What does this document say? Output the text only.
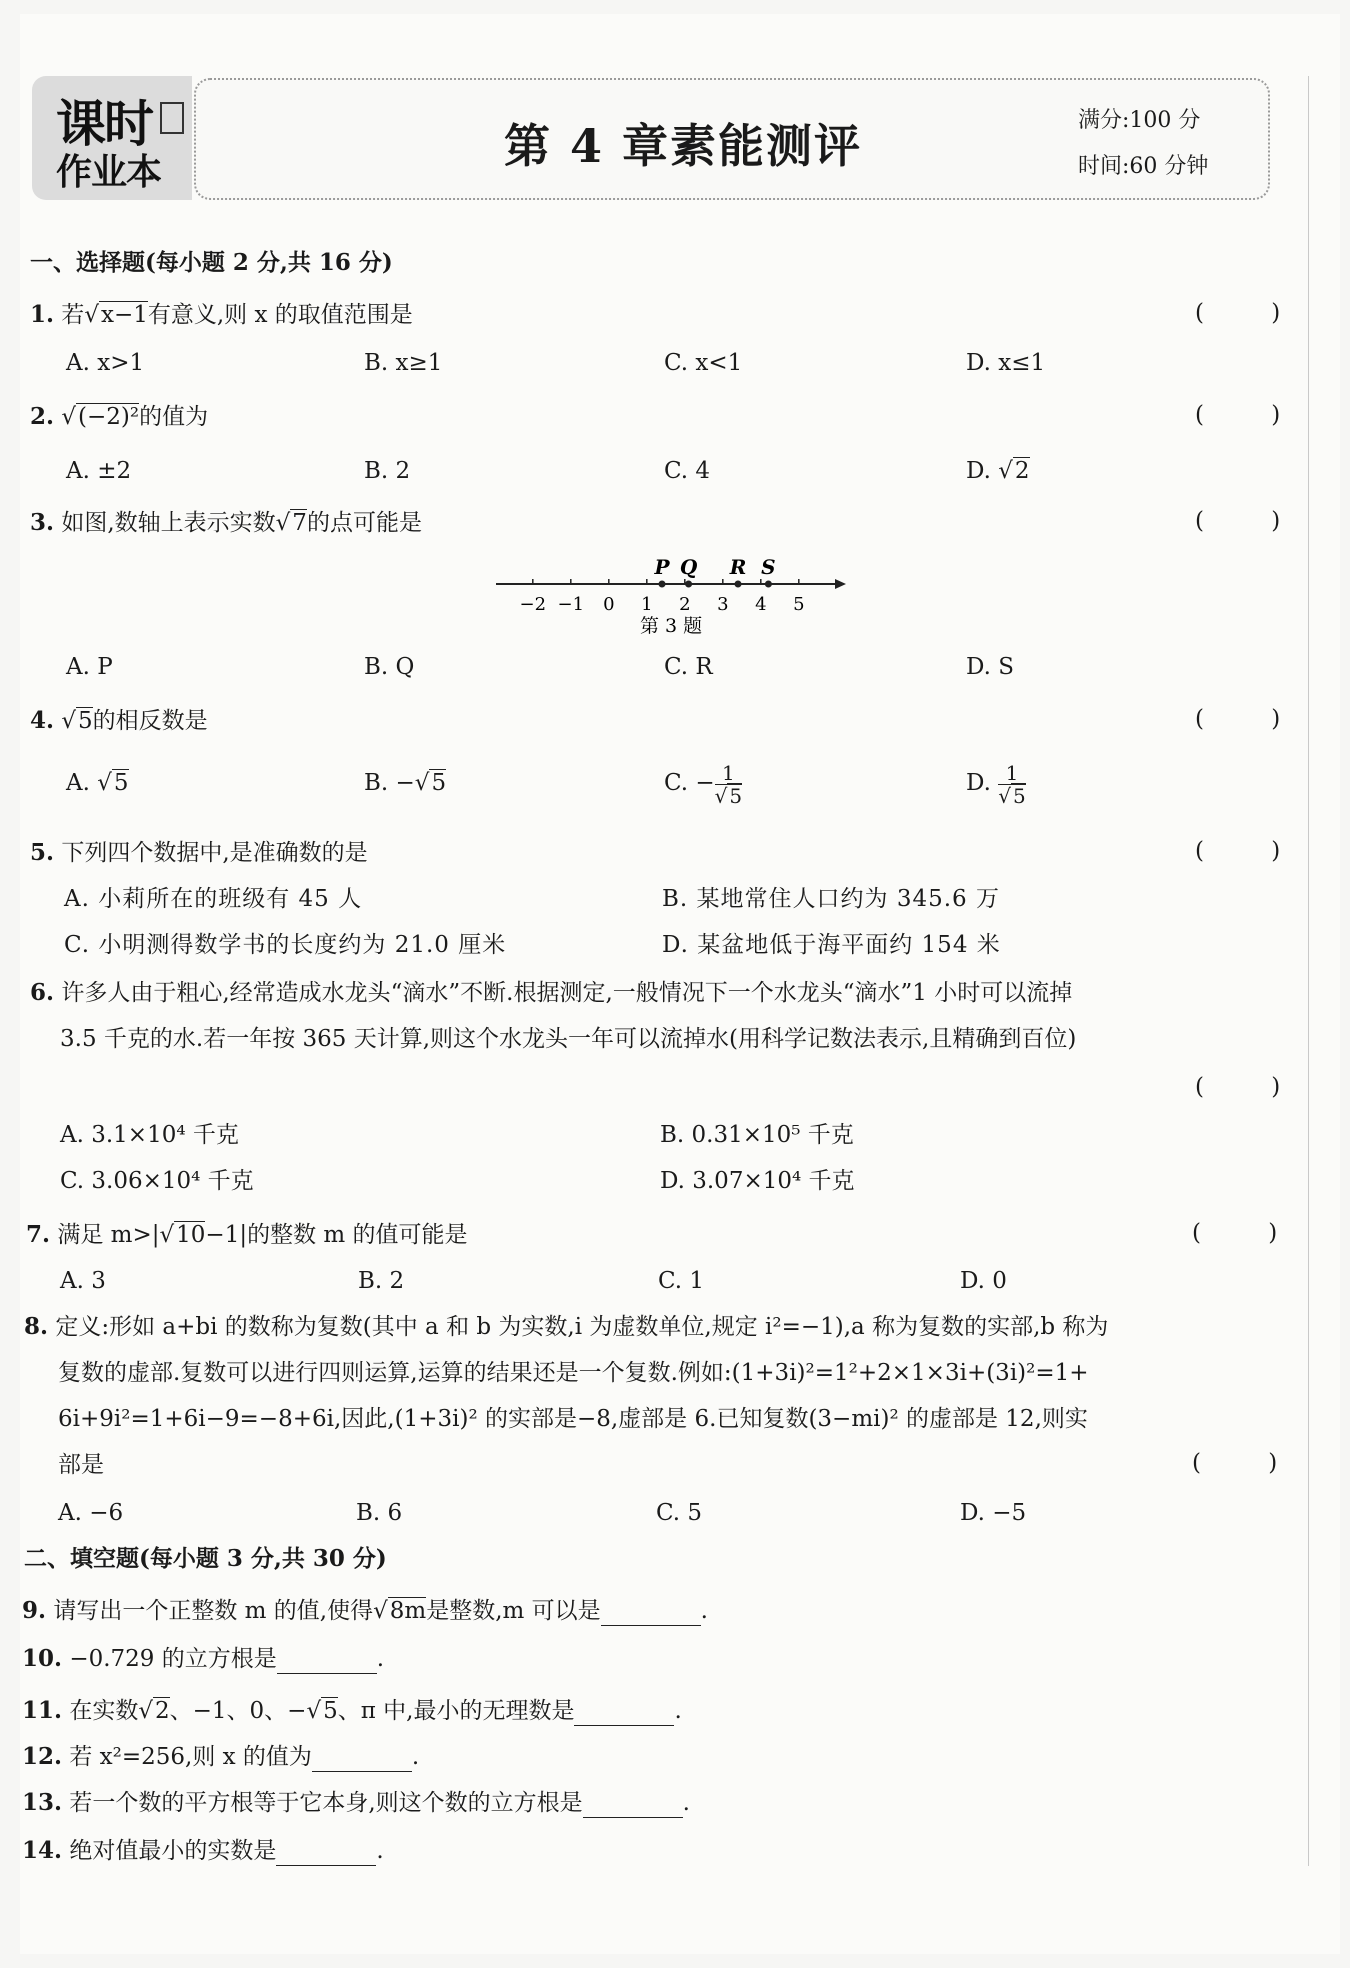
课时
作业本	第 4 章素能测评	满分:100 分
时间:60 分钟
一、选择题(每小题 2 分,共 16 分)
1. 若√x−1有意义,则 x 的取值范围是	( )
A. x>1	B. x≥1	C. x<1	D. x≤1
2. √(−2)²的值为	( )
A. ±2	B. 2	C. 4	D. √2
3. 如图,数轴上表示实数√7的点可能是	( )
−2 −1 0 1 2 3 4 5
P Q R S
第 3 题
A. P	B. Q	C. R	D. S
4. √5的相反数是	( )
A. √5	B. −√5	C. − $\frac{1}{√ 5}$	D. $\frac{1}{√ 5}$
5. 下列四个数据中,是准确数的是	( )
A. 小莉所在的班级有 45 人	B. 某地常住人口约为 345.6 万
C. 小明测得数学书的长度约为 21.0 厘米	D. 某盆地低于海平面约 154 米
6. 许多人由于粗心,经常造成水龙头“滴水”不断.根据测定,一般情况下一个水龙头“滴水”1 小时可以流掉
3.5 千克的水.若一年按 365 天计算,则这个水龙头一年可以流掉水(用科学记数法表示,且精确到百位)
( )
A. 3.1×10⁴ 千克	B. 0.31×10⁵ 千克
C. 3.06×10⁴ 千克	D. 3.07×10⁴ 千克
7. 满足 m>|√10−1|的整数 m 的值可能是	( )
A. 3	B. 2	C. 1	D. 0
8. 定义:形如 a+bi 的数称为复数(其中 a 和 b 为实数,i 为虚数单位,规定 i²=−1),a 称为复数的实部,b 称为
复数的虚部.复数可以进行四则运算,运算的结果还是一个复数.例如:(1+3i)²=1²+2×1×3i+(3i)²=1+
6i+9i²=1+6i−9=−8+6i,因此,(1+3i)² 的实部是−8,虚部是 6.已知复数(3−mi)² 的虚部是 12,则实
部是	( )
A. −6	B. 6	C. 5	D. −5
二、填空题(每小题 3 分,共 30 分)
9. 请写出一个正整数 m 的值,使得√8m是整数,m 可以是	.
10. −0.729 的立方根是	.
11. 在实数√2、−1、0、−√5、π 中,最小的无理数是	.
12. 若 x²=256,则 x 的值为	.
13. 若一个数的平方根等于它本身,则这个数的立方根是	.
14. 绝对值最小的实数是	.
